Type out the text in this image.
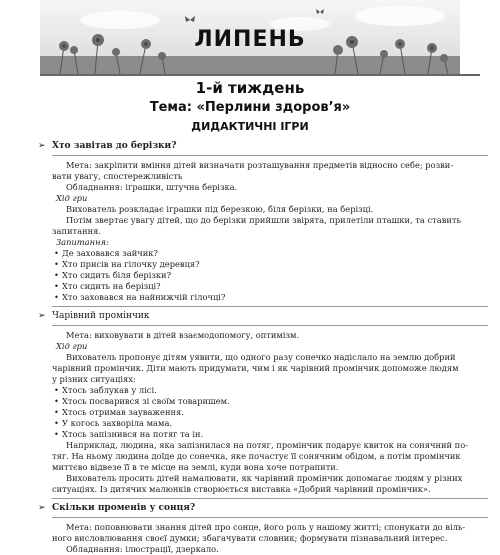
ЛИПЕНЬ
1-й тиждень
Тема: «Перлини здоров’я»
ДИДАКТИЧНІ ІГРИ
➢ Хто завітав до берізки?

Мета: закріпити вміння дітей визначати розташування предметів відносно себе; розви-

вати увагу, спостережливість

Обладнання: іграшки, штучна берізка.

Хід гри

Вихователь розкладає іграшки під березкою, біля берізки, на берізці.

Потім звертає увагу дітей, що до берізки прийшли звірята, прилетіли пташки, та ставить

запитання.

Запитання:

• Де заховався зайчик?
• Хто присів на гілочку деревця?
• Хто сидить біля берізки?
• Хто сидить на берізці?
• Хто заховався на найнижчій гілочці?
➢ Чарівний промінчик

Мета: виховувати в дітей взаємодопомогу, оптимізм.

Хід гри

Вихователь пропонує дітям уявити, що одного разу сонечко надіслало на землю добрий

чарівний промінчик. Діти мають придумати, чим і як чарівний промінчик допоможе людям

у різних ситуаціях:

• Хтось заблукав у лісі.
• Хтось посварився зі своїм товаришем.
• Хтось отримав зауваження.
• У когось захворіла мама.
• Хтось запізнився на потяг та ін.

Наприклад, людина, яка запізнилася на потяг, промінчик подарує квиток на сонячний по-

тяг. На ньому людина доїде до сонечка, яке почастує її сонячним обідом, а потім промінчик

миттєво відвезе її в те місце на землі, куди вона хоче потрапити.

Вихователь просить дітей намалювати, як чарівний промінчик допомагає людям у різних

ситуаціях. Із дитячих малюнків створюється виставка «Добрий чарівний промінчик».

➢ Скільки променів у сонця?

Мета: поповнювати знання дітей про сонце, його роль у нашому житті; спонукати до віль-

ного висловлювання своєї думки; збагачувати словник; формувати пізнавальний інтерес.

Обладнання: ілюстрації, дзеркало.
